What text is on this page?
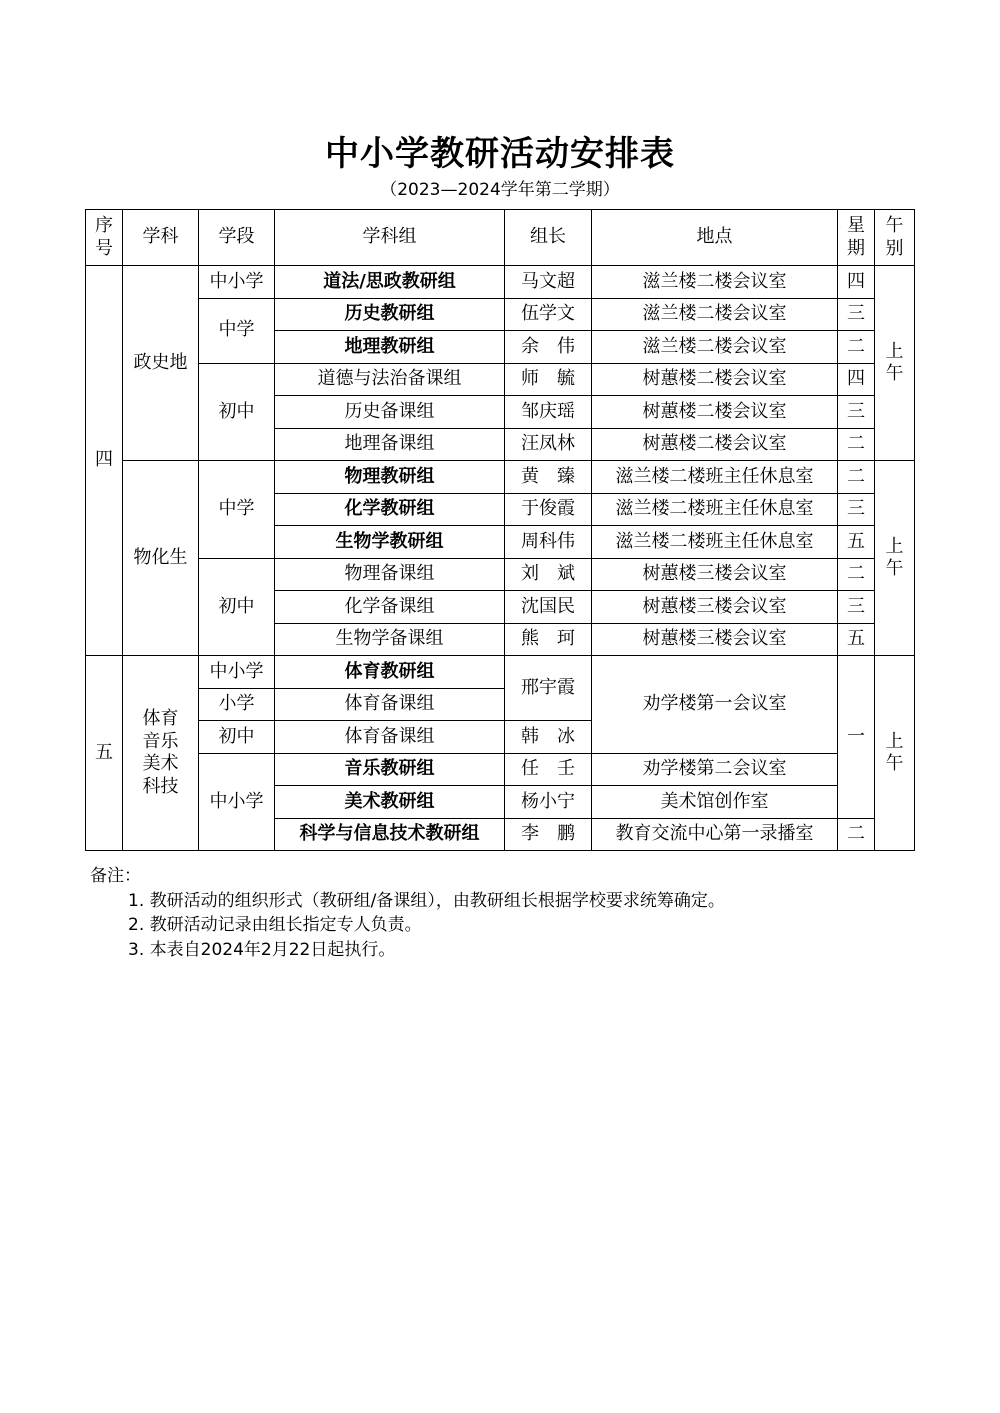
中小学教研活动安排表
（2023—2024学年第二学期）
序号	学科	学段	学科组	组长	地点	星期	午别
四	政史地	中小学	道法/思政教研组	马文超	滋兰楼二楼会议室	四	上午
		中学	历史教研组	伍学文	滋兰楼二楼会议室	三	
			地理教研组	余　伟	滋兰楼二楼会议室	二	
		初中	道德与法治备课组	师　毓	树蕙楼二楼会议室	四	
			历史备课组	邹庆瑶	树蕙楼二楼会议室	三	
			地理备课组	汪凤林	树蕙楼二楼会议室	二	
	物化生	中学	物理教研组	黄　臻	滋兰楼二楼班主任休息室	二	上午
			化学教研组	于俊霞	滋兰楼二楼班主任休息室	三	
			生物学教研组	周科伟	滋兰楼二楼班主任休息室	五	
		初中	物理备课组	刘　斌	树蕙楼三楼会议室	二	
			化学备课组	沈国民	树蕙楼三楼会议室	三	
			生物学备课组	熊　珂	树蕙楼三楼会议室	五	
五	体育音乐美术科技	中小学	体育教研组	邢宇霞	劝学楼第一会议室	一	上午
		小学	体育备课组				
		初中	体育备课组	韩　冰			
		中小学	音乐教研组	任　壬	劝学楼第二会议室		
			美术教研组	杨小宁	美术馆创作室		
			科学与信息技术教研组	李　鹏	教育交流中心第一录播室	二	
备注：
1. 教研活动的组织形式（教研组/备课组），由教研组长根据学校要求统筹确定。
2. 教研活动记录由组长指定专人负责。
3. 本表自2024年2月22日起执行。
